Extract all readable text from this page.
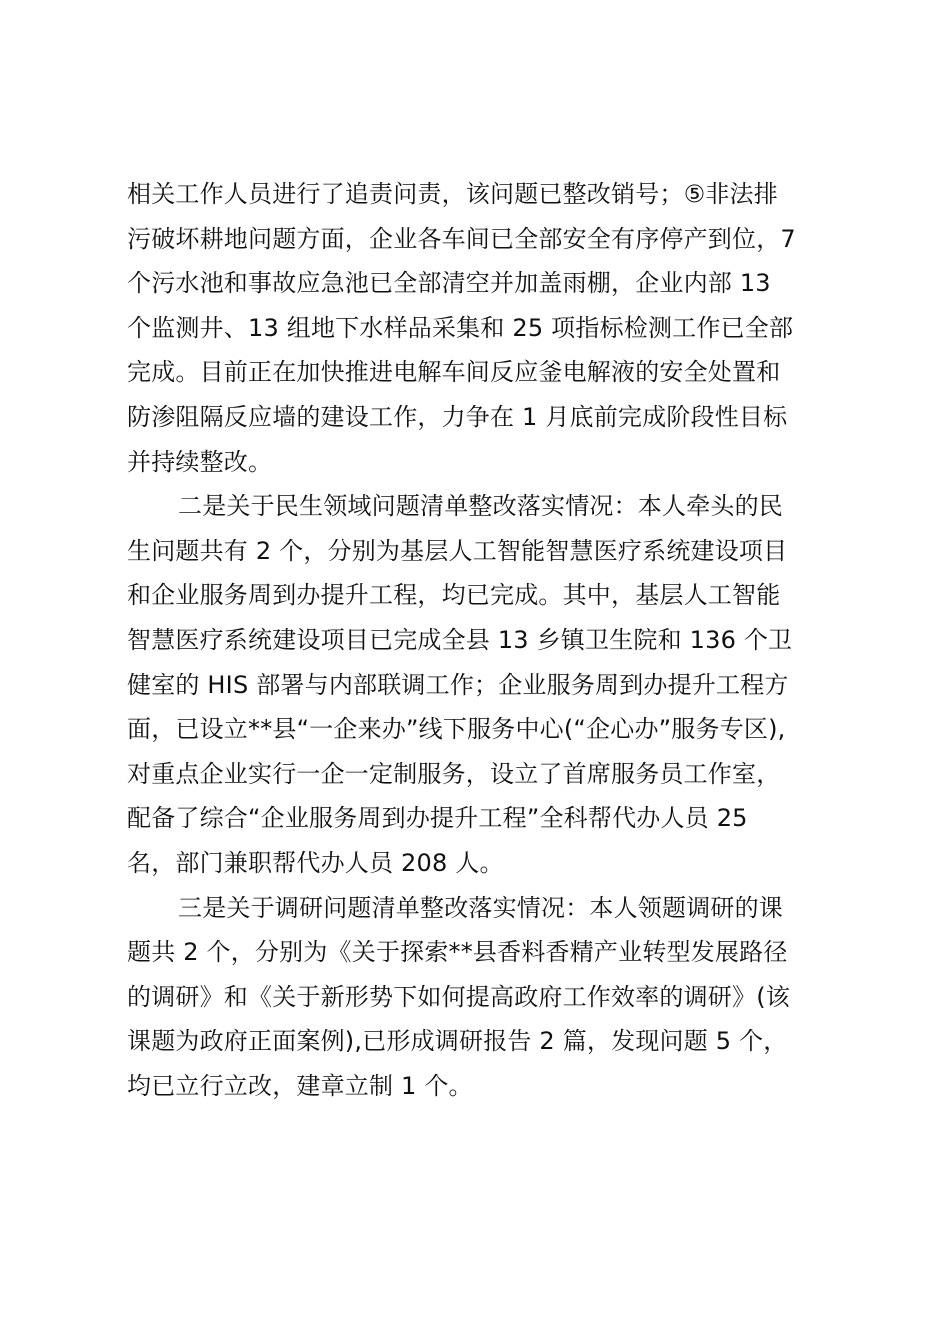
相关工作人员进行了追责问责，该问题已整改销号；⑤非法排
污破坏耕地问题方面，企业各车间已全部安全有序停产到位，7
个污水池和事故应急池已全部清空并加盖雨棚，企业内部 13
个监测井、13 组地下水样品采集和 25 项指标检测工作已全部
完成。目前正在加快推进电解车间反应釜电解液的安全处置和
防渗阻隔反应墙的建设工作，力争在 1 月底前完成阶段性目标
并持续整改。
二是关于民生领域问题清单整改落实情况：本人牵头的民
生问题共有 2 个，分别为基层人工智能智慧医疗系统建设项目
和企业服务周到办提升工程，均已完成。其中，基层人工智能
智慧医疗系统建设项目已完成全县 13 乡镇卫生院和 136 个卫
健室的 HIS 部署与内部联调工作；企业服务周到办提升工程方
面，已设立**县“一企来办”线下服务中心(“企心办”服务专区),
对重点企业实行一企一定制服务，设立了首席服务员工作室，
配备了综合“企业服务周到办提升工程”全科帮代办人员 25
名，部门兼职帮代办人员 208 人。
三是关于调研问题清单整改落实情况：本人领题调研的课
题共 2 个，分别为《关于探索**县香料香精产业转型发展路径
的调研》和《关于新形势下如何提高政府工作效率的调研》(该
课题为政府正面案例),已形成调研报告 2 篇，发现问题 5 个，
均已立行立改，建章立制 1 个。
